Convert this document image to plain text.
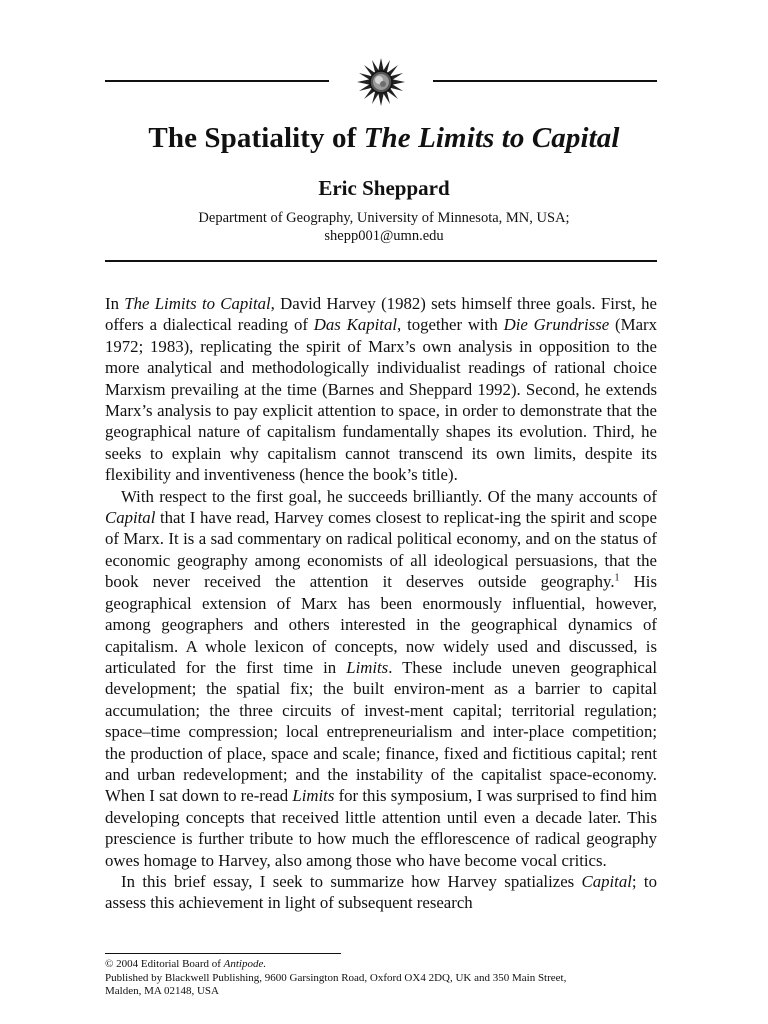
The Spatiality of The Limits to Capital
Eric Sheppard
Department of Geography, University of Minnesota, MN, USA;
shepp001@umn.edu

In The Limits to Capital, David Harvey (1982) sets himself three goals. First, he offers a dialectical reading of Das Kapital, together with Die Grundrisse (Marx 1972; 1983), replicating the spirit of Marx’s own analysis in opposition to the more analytical and methodologically individualist readings of rational choice Marxism prevailing at the time (Barnes and Sheppard 1992). Second, he extends Marx’s analysis to pay explicit attention to space, in order to demonstrate that the geographical nature of capitalism fundamentally shapes its evolution. Third, he seeks to explain why capitalism cannot transcend its own limits, despite its flexibility and inventiveness (hence the book’s title).

With respect to the first goal, he succeeds brilliantly. Of the many accounts of Capital that I have read, Harvey comes closest to replicat-ing the spirit and scope of Marx. It is a sad commentary on radical political economy, and on the status of economic geography among economists of all ideological persuasions, that the book never received the attention it deserves outside geography.$^1$ His geographical extension of Marx has been enormously influential, however, among geographers and others interested in the geographical dynamics of capitalism. A whole lexicon of concepts, now widely used and discussed, is articulated for the first time in Limits. These include uneven geographical development; the spatial fix; the built environ-ment as a barrier to capital accumulation; the three circuits of invest-ment capital; territorial regulation; space–time compression; local entrepreneurialism and inter-place competition; the production of place, space and scale; finance, fixed and fictitious capital; rent and urban redevelopment; and the instability of the capitalist space-economy. When I sat down to re-read Limits for this symposium, I was surprised to find him developing concepts that received little attention until even a decade later. This prescience is further tribute to how much the efflorescence of radical geography owes homage to Harvey, also among those who have become vocal critics.

In this brief essay, I seek to summarize how Harvey spatializes Capital; to assess this achievement in light of subsequent research

© 2004 Editorial Board of Antipode.
Published by Blackwell Publishing, 9600 Garsington Road, Oxford OX4 2DQ, UK and 350 Main Street,
Malden, MA 02148, USA
